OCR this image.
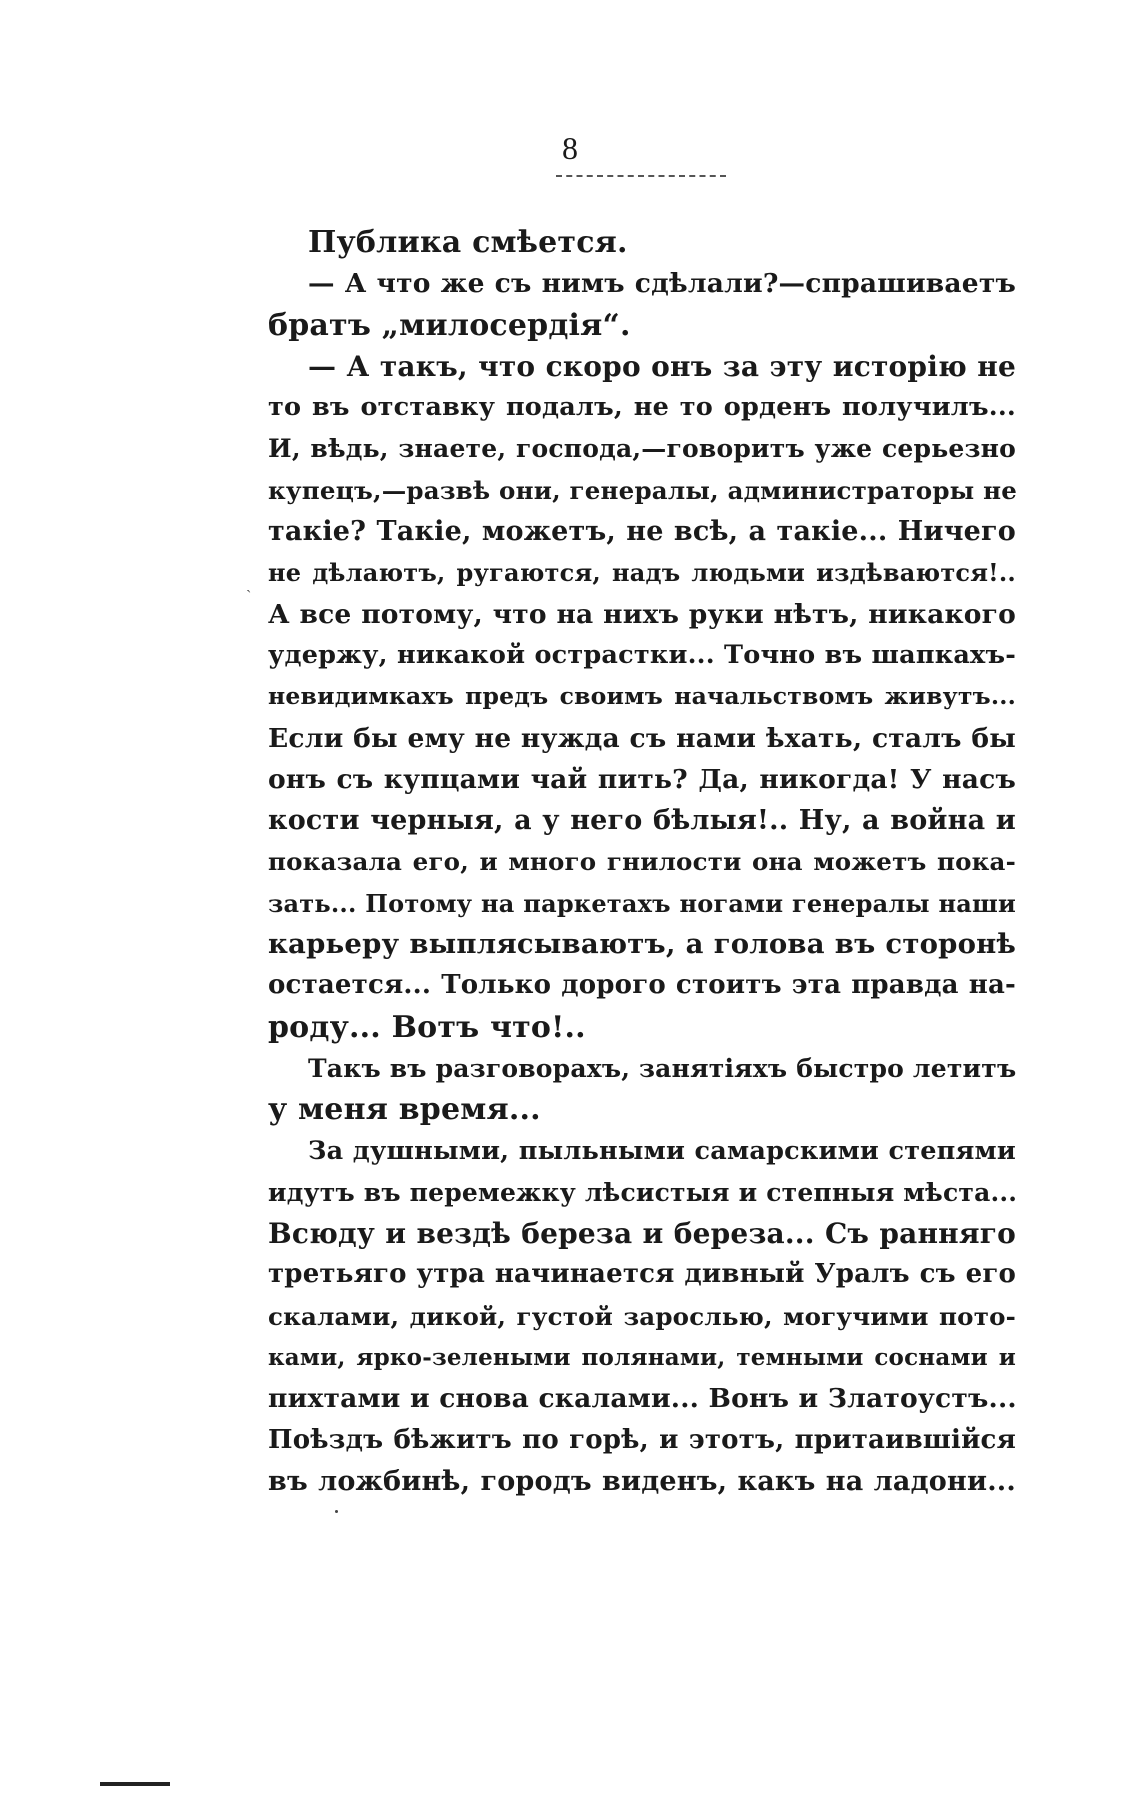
8
ˏ
Публика смѣется.
— А что же съ нимъ сдѣлали?—спрашиваетъ
братъ „милосердія“.
— А такъ, что скоро онъ за эту исторію не
то въ отставку подалъ, не то орденъ получилъ...
И, вѣдь, знаете, господа,—говоритъ уже серьезно
купецъ,—развѣ они, генералы, администраторы не
такіе? Такіе, можетъ, не всѣ, а такіе... Ничего
не дѣлаютъ, ругаются, надъ людьми издѣваются!..
А все потому, что на нихъ руки нѣтъ, никакого
удержу, никакой острастки... Точно въ шапкахъ-
невидимкахъ предъ своимъ начальствомъ живутъ...
Если бы ему не нужда съ нами ѣхать, сталъ бы
онъ съ купцами чай пить? Да, никогда! У насъ
кости черныя, а у него бѣлыя!.. Ну, а война и
показала его, и много гнилости она можетъ пока-
зать... Потому на паркетахъ ногами генералы наши
карьеру выплясываютъ, а голова въ сторонѣ
остается... Только дорого стоитъ эта правда на-
роду... Вотъ что!..
Такъ въ разговорахъ, занятіяхъ быстро летитъ
у меня время...
За душными, пыльными самарскими степями
идутъ въ перемежку лѣсистыя и степныя мѣста...
Всюду и вездѣ береза и береза... Съ ранняго
третьяго утра начинается дивный Уралъ съ его
скалами, дикой, густой зарослью, могучими пото-
ками, ярко-зелеными полянами, темными соснами и
пихтами и снова скалами... Вонъ и Златоустъ...
Поѣздъ бѣжитъ по горѣ, и этотъ, притаившійся
въ ложбинѣ, городъ виденъ, какъ на ладони...
